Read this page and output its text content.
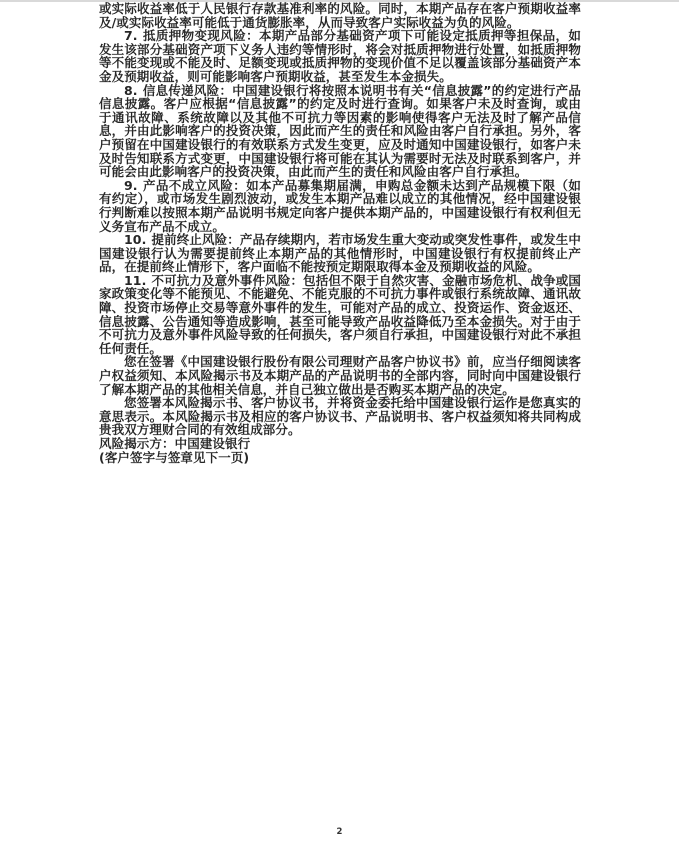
或实际收益率低于人民银行存款基准利率的风险。同时，本期产品存在客户预期收益率及/或实际收益率可能低于通货膨胀率，从而导致客户实际收益为负的风险。

7. 抵质押物变现风险：本期产品部分基础资产项下可能设定抵质押等担保品，如发生该部分基础资产项下义务人违约等情形时，将会对抵质押物进行处置，如抵质押物等不能变现或不能及时、足额变现或抵质押物的变现价值不足以覆盖该部分基础资产本金及预期收益，则可能影响客户预期收益，甚至发生本金损失。

8. 信息传递风险：中国建设银行将按照本说明书有关“信息披露”的约定进行产品信息披露。客户应根据“信息披露”的约定及时进行查询。如果客户未及时查询，或由于通讯故障、系统故障以及其他不可抗力等因素的影响使得客户无法及时了解产品信息，并由此影响客户的投资决策，因此而产生的责任和风险由客户自行承担。另外，客户预留在中国建设银行的有效联系方式发生变更，应及时通知中国建设银行，如客户未及时告知联系方式变更，中国建设银行将可能在其认为需要时无法及时联系到客户，并可能会由此影响客户的投资决策，由此而产生的责任和风险由客户自行承担。

9. 产品不成立风险：如本产品募集期届满，申购总金额未达到产品规模下限（如有约定），或市场发生剧烈波动，或发生本期产品难以成立的其他情况，经中国建设银行判断难以按照本期产品说明书规定向客户提供本期产品的，中国建设银行有权利但无义务宣布产品不成立。

10. 提前终止风险：产品存续期内，若市场发生重大变动或突发性事件，或发生中国建设银行认为需要提前终止本期产品的其他情形时，中国建设银行有权提前终止产品，在提前终止情形下，客户面临不能按预定期限取得本金及预期收益的风险。

11. 不可抗力及意外事件风险：包括但不限于自然灾害、金融市场危机、战争或国家政策变化等不能预见、不能避免、不能克服的不可抗力事件或银行系统故障、通讯故障、投资市场停止交易等意外事件的发生，可能对产品的成立、投资运作、资金返还、信息披露、公告通知等造成影响，甚至可能导致产品收益降低乃至本金损失。对于由于不可抗力及意外事件风险导致的任何损失，客户须自行承担，中国建设银行对此不承担任何责任。

您在签署《中国建设银行股份有限公司理财产品客户协议书》前，应当仔细阅读客户权益须知、本风险揭示书及本期产品的产品说明书的全部内容，同时向中国建设银行了解本期产品的其他相关信息，并自己独立做出是否购买本期产品的决定。

您签署本风险揭示书、客户协议书，并将资金委托给中国建设银行运作是您真实的意思表示。本风险揭示书及相应的客户协议书、产品说明书、客户权益须知将共同构成贵我双方理财合同的有效组成部分。

风险揭示方：中国建设银行

(客户签字与签章见下一页)

2
